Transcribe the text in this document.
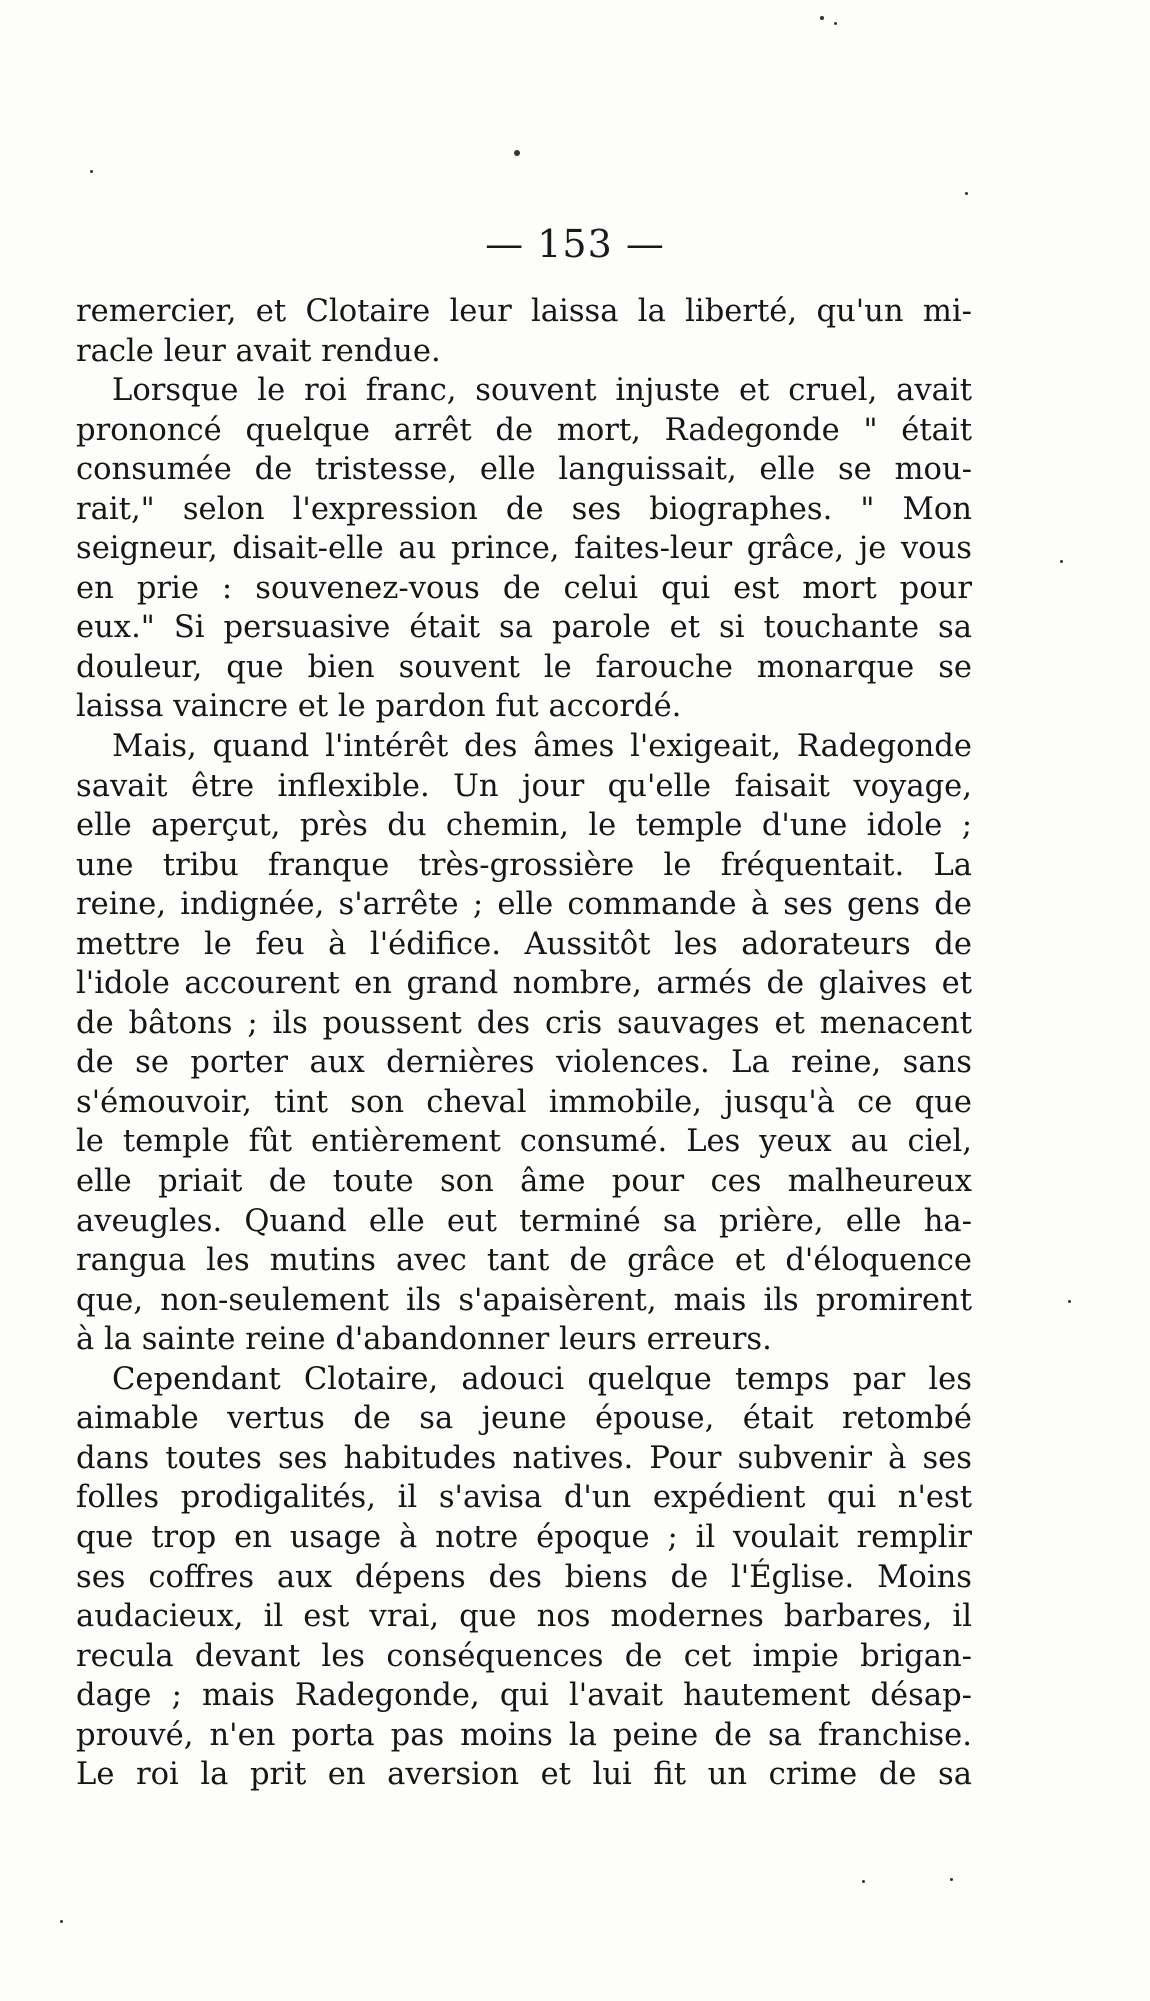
— 153 —
remercier, et Clotaire leur laissa la liberté, qu'un mi-
racle leur avait rendue.
Lorsque le roi franc, souvent injuste et cruel, avait
prononcé quelque arrêt de mort, Radegonde " était
consumée de tristesse, elle languissait, elle se mou-
rait," selon l'expression de ses biographes. " Mon
seigneur, disait-elle au prince, faites-leur grâce, je vous
en prie : souvenez-vous de celui qui est mort pour
eux." Si persuasive était sa parole et si touchante sa
douleur, que bien souvent le farouche monarque se
laissa vaincre et le pardon fut accordé.
Mais, quand l'intérêt des âmes l'exigeait, Radegonde
savait être inflexible. Un jour qu'elle faisait voyage,
elle aperçut, près du chemin, le temple d'une idole ;
une tribu franque très-grossière le fréquentait. La
reine, indignée, s'arrête ; elle commande à ses gens de
mettre le feu à l'édifice. Aussitôt les adorateurs de
l'idole accourent en grand nombre, armés de glaives et
de bâtons ; ils poussent des cris sauvages et menacent
de se porter aux dernières violences. La reine, sans
s'émouvoir, tint son cheval immobile, jusqu'à ce que
le temple fût entièrement consumé. Les yeux au ciel,
elle priait de toute son âme pour ces malheureux
aveugles. Quand elle eut terminé sa prière, elle ha-
rangua les mutins avec tant de grâce et d'éloquence
que, non-seulement ils s'apaisèrent, mais ils promirent
à la sainte reine d'abandonner leurs erreurs.
Cependant Clotaire, adouci quelque temps par les
aimable vertus de sa jeune épouse, était retombé
dans toutes ses habitudes natives. Pour subvenir à ses
folles prodigalités, il s'avisa d'un expédient qui n'est
que trop en usage à notre époque ; il voulait remplir
ses coffres aux dépens des biens de l'Église. Moins
audacieux, il est vrai, que nos modernes barbares, il
recula devant les conséquences de cet impie brigan-
dage ; mais Radegonde, qui l'avait hautement désap-
prouvé, n'en porta pas moins la peine de sa franchise.
Le roi la prit en aversion et lui fit un crime de sa
